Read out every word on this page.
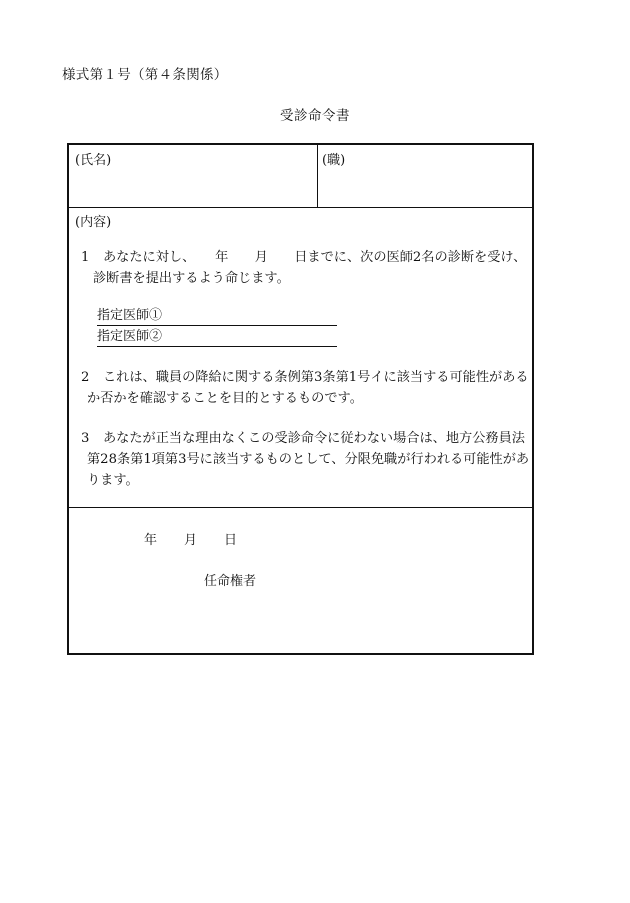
様式第１号（第４条関係）
受診命令書
(氏名)	(職)
(内容)
1 あなたに対し、　　年　　月　　日までに、次の医師2名の診断を受け、
診断書を提出するよう命じます。
指定医師①
指定医師②
2 これは、職員の降給に関する条例第3条第1号イに該当する可能性がある
か否かを確認することを目的とするものです。
3 あなたが正当な理由なくこの受診命令に従わない場合は、地方公務員法
第28条第1項第3号に該当するものとして、分限免職が行われる可能性があ
ります。
年 月 日
任命権者
